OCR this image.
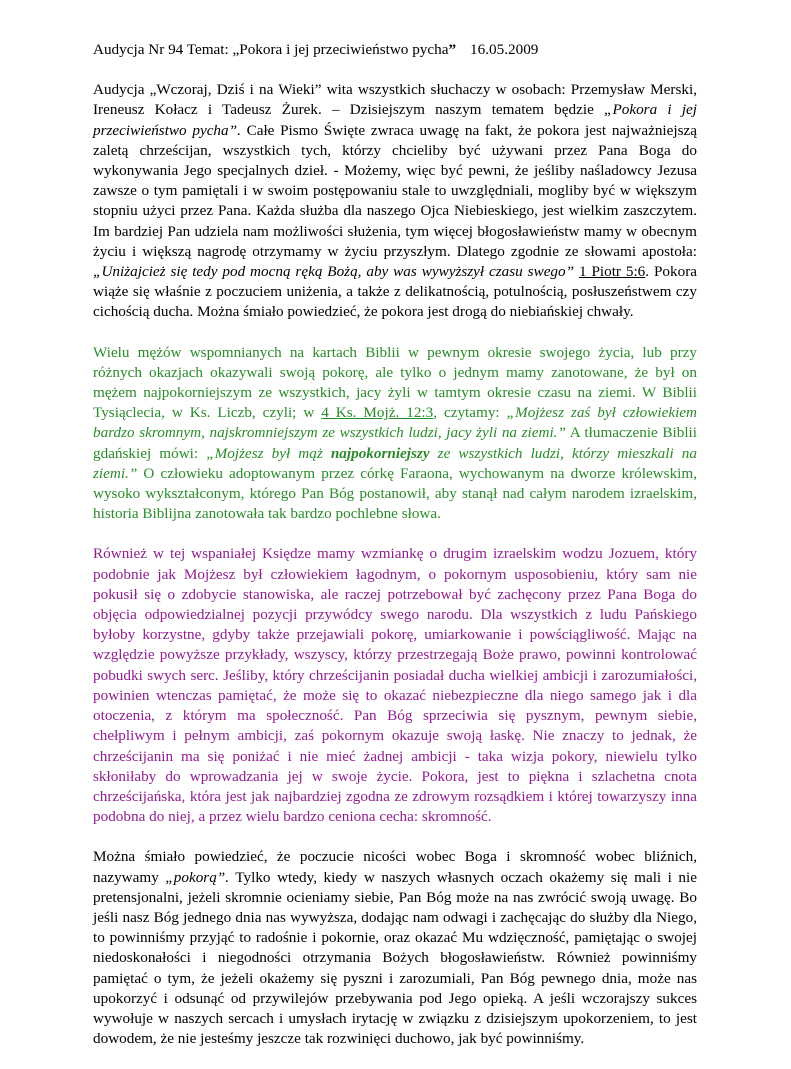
Audycja Nr 94 Temat: „Pokora i jej przeciwieństwo pycha” 16.05.2009

Audycja „Wczoraj, Dziś i na Wieki” wita wszystkich słuchaczy w osobach: Przemysław Merski, Ireneusz Kołacz i Tadeusz Żurek. – Dzisiejszym naszym tematem będzie „Pokora i jej przeciwieństwo pycha”. Całe Pismo Święte zwraca uwagę na fakt, że pokora jest najważniejszą zaletą chrześcijan, wszystkich tych, którzy chcieliby być używani przez Pana Boga do wykonywania Jego specjalnych dzieł. - Możemy, więc być pewni, że jeśliby naśladowcy Jezusa zawsze o tym pamiętali i w swoim postępowaniu stale to uwzględniali, mogliby być w większym stopniu użyci przez Pana. Każda służba dla naszego Ojca Niebieskiego, jest wielkim zaszczytem. Im bardziej Pan udziela nam możliwości służenia, tym więcej błogosławieństw mamy w obecnym życiu i większą nagrodę otrzymamy w życiu przyszłym. Dlatego zgodnie ze słowami apostoła: „Uniżajcież się tedy pod mocną ręką Bożą, aby was wywyższył czasu swego” 1 Piotr 5:6. Pokora wiąże się właśnie z poczuciem uniżenia, a także z delikatnością, potulnością, posłuszeństwem czy cichością ducha. Można śmiało powiedzieć, że pokora jest drogą do niebiańskiej chwały.

Wielu mężów wspomnianych na kartach Biblii w pewnym okresie swojego życia, lub przy różnych okazjach okazywali swoją pokorę, ale tylko o jednym mamy zanotowane, że był on mężem najpokorniejszym ze wszystkich, jacy żyli w tamtym okresie czasu na ziemi. W Biblii Tysiąclecia, w Ks. Liczb, czyli; w 4 Ks. Mojż. 12:3, czytamy: „Mojżesz zaś był człowiekiem bardzo skromnym, najskromniejszym ze wszystkich ludzi, jacy żyli na ziemi.” A tłumaczenie Biblii gdańskiej mówi: „Mojżesz był mąż najpokorniejszy ze wszystkich ludzi, którzy mieszkali na ziemi.” O człowieku adoptowanym przez córkę Faraona, wychowanym na dworze królewskim, wysoko wykształconym, którego Pan Bóg postanowił, aby stanął nad całym narodem izraelskim, historia Biblijna zanotowała tak bardzo pochlebne słowa.

Również w tej wspaniałej Księdze mamy wzmiankę o drugim izraelskim wodzu Jozuem, który podobnie jak Mojżesz był człowiekiem łagodnym, o pokornym usposobieniu, który sam nie pokusił się o zdobycie stanowiska, ale raczej potrzebował być zachęcony przez Pana Boga do objęcia odpowiedzialnej pozycji przywódcy swego narodu. Dla wszystkich z ludu Pańskiego byłoby korzystne, gdyby także przejawiali pokorę, umiarkowanie i powściągliwość. Mając na względzie powyższe przykłady, wszyscy, którzy przestrzegają Boże prawo, powinni kontrolować pobudki swych serc. Jeśliby, który chrześcijanin posiadał ducha wielkiej ambicji i zarozumiałości, powinien wtenczas pamiętać, że może się to okazać niebezpieczne dla niego samego jak i dla otoczenia, z którym ma społeczność. Pan Bóg sprzeciwia się pysznym, pewnym siebie, chełpliwym i pełnym ambicji, zaś pokornym okazuje swoją łaskę. Nie znaczy to jednak, że chrześcijanin ma się poniżać i nie mieć żadnej ambicji - taka wizja pokory, niewielu tylko skłoniłaby do wprowadzania jej w swoje życie. Pokora, jest to piękna i szlachetna cnota chrześcijańska, która jest jak najbardziej zgodna ze zdrowym rozsądkiem i której towarzyszy inna podobna do niej, a przez wielu bardzo ceniona cecha: skromność.

Można śmiało powiedzieć, że poczucie nicości wobec Boga i skromność wobec bliźnich, nazywamy „pokorą”. Tylko wtedy, kiedy w naszych własnych oczach okażemy się mali i nie pretensjonalni, jeżeli skromnie ocieniamy siebie, Pan Bóg może na nas zwrócić swoją uwagę. Bo jeśli nasz Bóg jednego dnia nas wywyższa, dodając nam odwagi i zachęcając do służby dla Niego, to powinniśmy przyjąć to radośnie i pokornie, oraz okazać Mu wdzięczność, pamiętając o swojej niedoskonałości i niegodności otrzymania Bożych błogosławieństw. Również powinniśmy pamiętać o tym, że jeżeli okażemy się pyszni i zarozumiali, Pan Bóg pewnego dnia, może nas upokorzyć i odsunąć od przywilejów przebywania pod Jego opieką. A jeśli wczorajszy sukces wywołuje w naszych sercach i umysłach irytację w związku z dzisiejszym upokorzeniem, to jest dowodem, że nie jesteśmy jeszcze tak rozwinięci duchowo, jak być powinniśmy.
